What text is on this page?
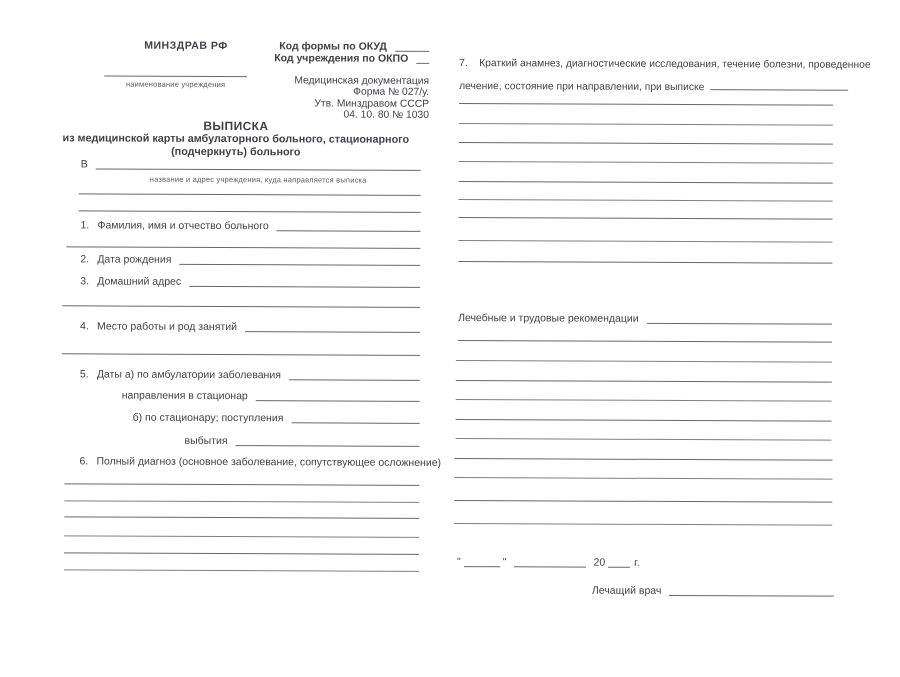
МИНЗДРАВ РФ	Код формы по ОКУД
Код учреждения по ОКПО
наименование учреждения	Медицинская документация
Форма № 027/у.
Утв. Минздравом СССР
04. 10. 80 № 1030
ВЫПИСКА
из медицинской карты амбулаторного больного, стационарного
(подчеркнуть) больного
В
название и адрес учреждения, куда направляется выписка
1. Фамилия, имя и отчество больного
2. Дата рождения
3. Домашний адрес
4. Место работы и род занятий
5. Даты а) по амбулатории заболевания
направления в стационар
б) по стационару; поступления
выбытия
6. Полный диагноз (основное заболевание, сопутствующее осложнение)
7. Краткий анамнез, диагностические исследования, течение болезни, проведенное
лечение, состояние при направлении, при выписке
Лечебные и трудовые рекомендации
"	"	20	г.
Лечащий врач
